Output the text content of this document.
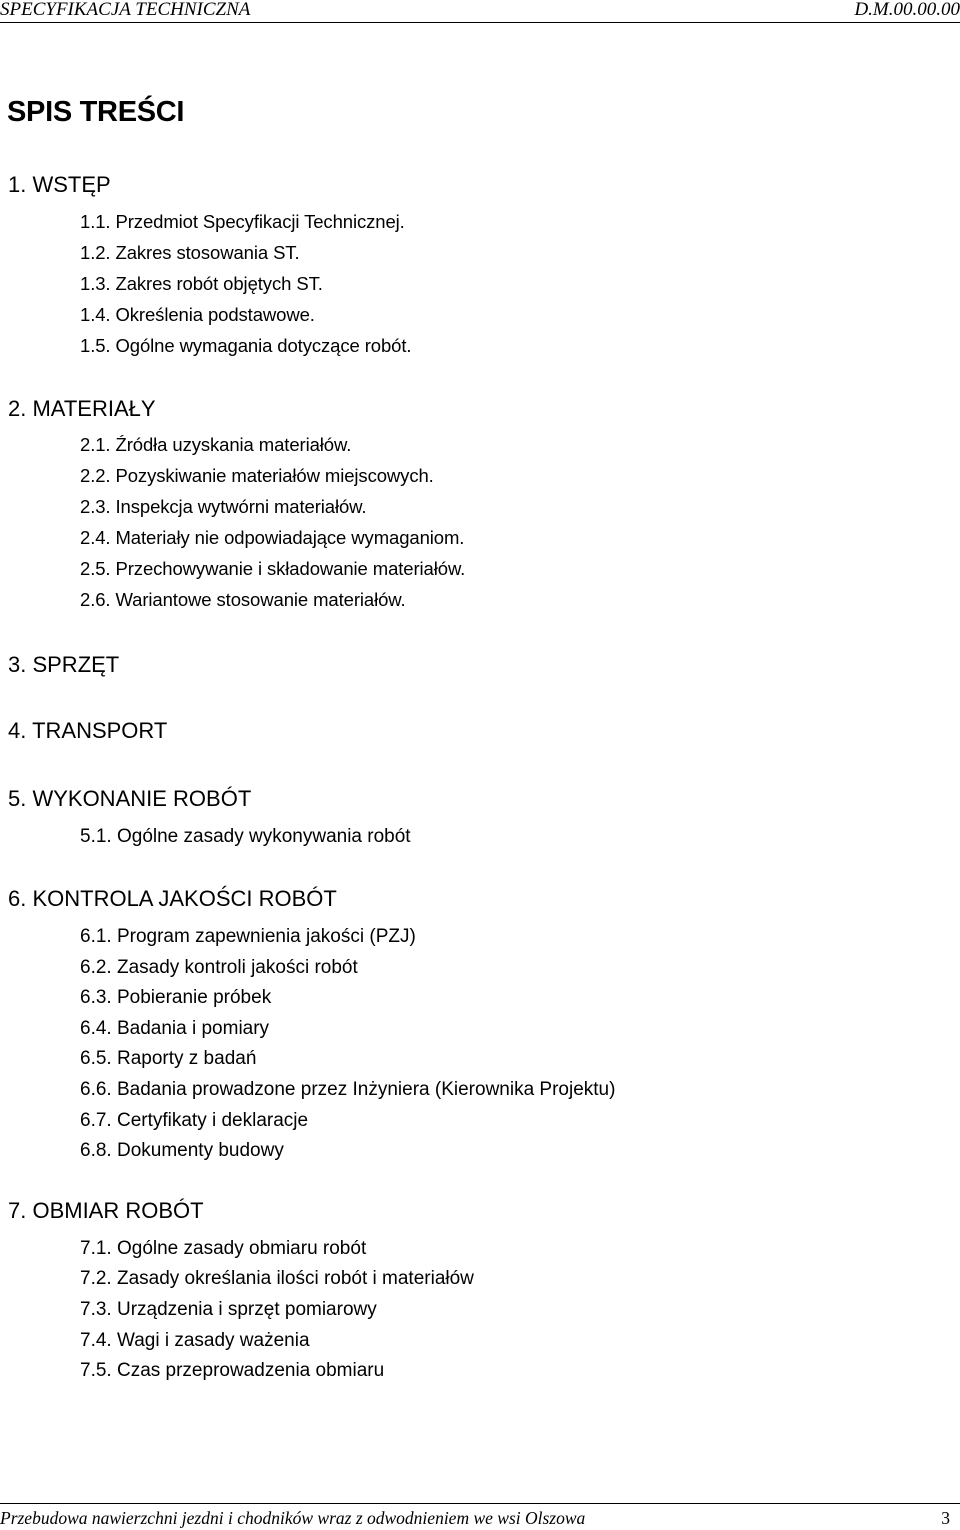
SPECYFIKACJA TECHNICZNA	D.M.00.00.00
SPIS TREŚCI
1. WSTĘP
1.1. Przedmiot Specyfikacji Technicznej.
1.2. Zakres stosowania ST.
1.3. Zakres robót objętych ST.
1.4. Określenia podstawowe.
1.5. Ogólne wymagania dotyczące robót.
2. MATERIAŁY
2.1. Źródła uzyskania materiałów.
2.2. Pozyskiwanie materiałów miejscowych.
2.3. Inspekcja wytwórni materiałów.
2.4. Materiały nie odpowiadające wymaganiom.
2.5. Przechowywanie i składowanie materiałów.
2.6. Wariantowe stosowanie materiałów.
3. SPRZĘT
4. TRANSPORT
5. WYKONANIE ROBÓT
5.1. Ogólne zasady wykonywania robót
6. KONTROLA JAKOŚCI ROBÓT
6.1. Program zapewnienia jakości (PZJ)
6.2. Zasady kontroli jakości robót
6.3. Pobieranie próbek
6.4. Badania i pomiary
6.5. Raporty z badań
6.6. Badania prowadzone przez Inżyniera (Kierownika Projektu)
6.7. Certyfikaty i deklaracje
6.8. Dokumenty budowy
7. OBMIAR ROBÓT
7.1. Ogólne zasady obmiaru robót
7.2. Zasady określania ilości robót i materiałów
7.3. Urządzenia i sprzęt pomiarowy
7.4. Wagi i zasady ważenia
7.5. Czas przeprowadzenia obmiaru
Przebudowa nawierzchni jezdni i chodników wraz z odwodnieniem we wsi Olszowa	3
